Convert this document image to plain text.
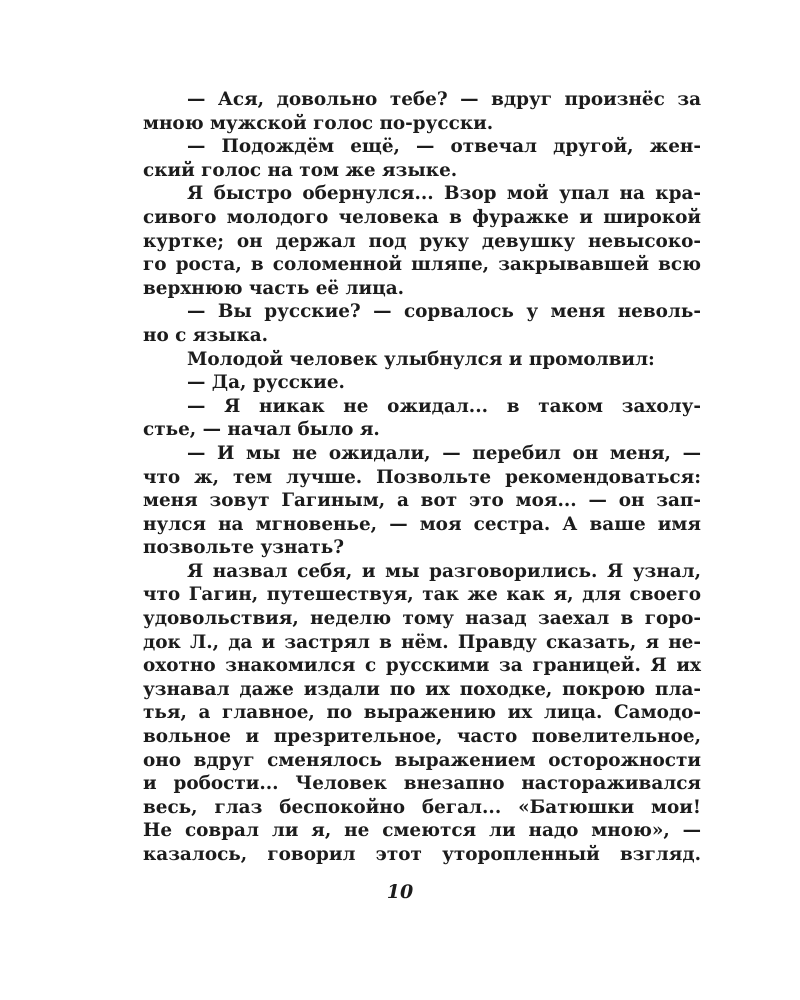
— Ася, довольно тебе? — вдруг произнёс за
мною мужской голос по-русски.
— Подождём ещё, — отвечал другой, жен-
ский голос на том же языке.
Я быстро обернулся... Взор мой упал на кра-
сивого молодого человека в фуражке и широкой
куртке; он держал под руку девушку невысоко-
го роста, в соломенной шляпе, закрывавшей всю
верхнюю часть её лица.
— Вы русские? — сорвалось у меня неволь-
но с языка.
Молодой человек улыбнулся и промолвил:
— Да, русские.
— Я никак не ожидал... в таком захолу-
стье, — начал было я.
— И мы не ожидали, — перебил он меня, —
что ж, тем лучше. Позвольте рекомендоваться:
меня зовут Гагиным, а вот это моя... — он зап-
нулся на мгновенье, — моя сестра. А ваше имя
позвольте узнать?
Я назвал себя, и мы разговорились. Я узнал,
что Гагин, путешествуя, так же как я, для своего
удовольствия, неделю тому назад заехал в горо-
док Л., да и застрял в нём. Правду сказать, я не-
охотно знакомился с русскими за границей. Я их
узнавал даже издали по их походке, покрою пла-
тья, а главное, по выражению их лица. Самодо-
вольное и презрительное, часто повелительное,
оно вдруг сменялось выражением осторожности
и робости... Человек внезапно настораживался
весь, глаз беспокойно бегал... «Батюшки мои!
Не соврал ли я, не смеются ли надо мною», —
казалось, говорил этот уторопленный взгляд.
10
